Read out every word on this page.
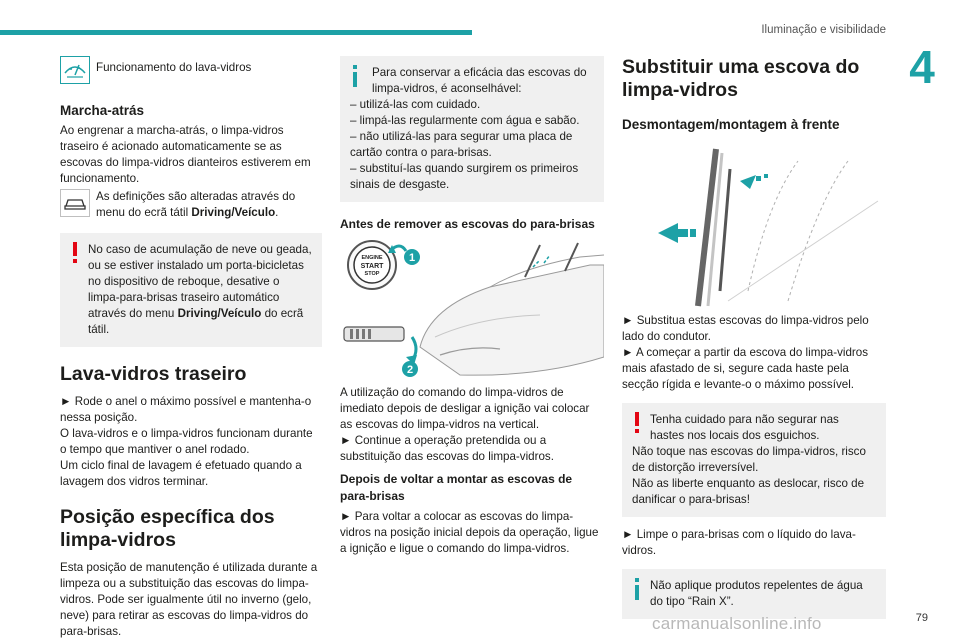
Iluminação e visibilidade
4
Funcionamento do lava-vidros
Marcha-atrás

Ao engrenar a marcha-atrás, o limpa-vidros traseiro é acionado automaticamente se as escovas do limpa-vidros dianteiros estiverem em funcionamento.

As definições são alteradas através do menu do ecrã tátil Driving/Veículo.

No caso de acumulação de neve ou geada, ou se estiver instalado um porta-bicicletas no dispositivo de reboque, desative o limpa-para-brisas traseiro automático através do menu Driving/Veículo do ecrã tátil.

Lava-vidros traseiro

► Rode o anel o máximo possível e mantenha-o nessa posição.

O lava-vidros e o limpa-vidros funcionam durante o tempo que mantiver o anel rodado.

Um ciclo final de lavagem é efetuado quando a lavagem dos vidros terminar.

Posição específica dos limpa-vidros

Esta posição de manutenção é utilizada durante a limpeza ou a substituição das escovas do limpa-vidros. Pode ser igualmente útil no inverno (gelo, neve) para retirar as escovas do limpa-vidros do para-brisas.

Para conservar a eficácia das escovas do limpa-vidros, é aconselhável:

– utilizá-las com cuidado.

– limpá-las regularmente com água e sabão.

– não utilizá-las para segurar uma placa de cartão contra o para-brisas.

– substituí-las quando surgirem os primeiros sinais de desgaste.

Antes de remover as escovas do para-brisas
ENGINE
START
STOP
1
2

A utilização do comando do limpa-vidros de imediato depois de desligar a ignição vai colocar as escovas do limpa-vidros na vertical.

► Continue a operação pretendida ou a substituição das escovas do limpa-vidros.

Depois de voltar a montar as escovas de para-brisas

► Para voltar a colocar as escovas do limpa-vidros na posição inicial depois da operação, ligue a ignição e ligue o comando do limpa-vidros.

Substituir uma escova do limpa-vidros
Desmontagem/montagem à frente

► Substitua estas escovas do limpa-vidros pelo lado do condutor.

► A começar a partir da escova do limpa-vidros mais afastado de si, segure cada haste pela secção rígida e levante-o o máximo possível.

Tenha cuidado para não segurar nas hastes nos locais dos esguichos.

Não toque nas escovas do limpa-vidros, risco de distorção irreversível.

Não as liberte enquanto as deslocar, risco de danificar o para-brisas!

► Limpe o para-brisas com o líquido do lava-vidros.

Não aplique produtos repelentes de água do tipo “Rain X”.

carmanualsonline.info	79
